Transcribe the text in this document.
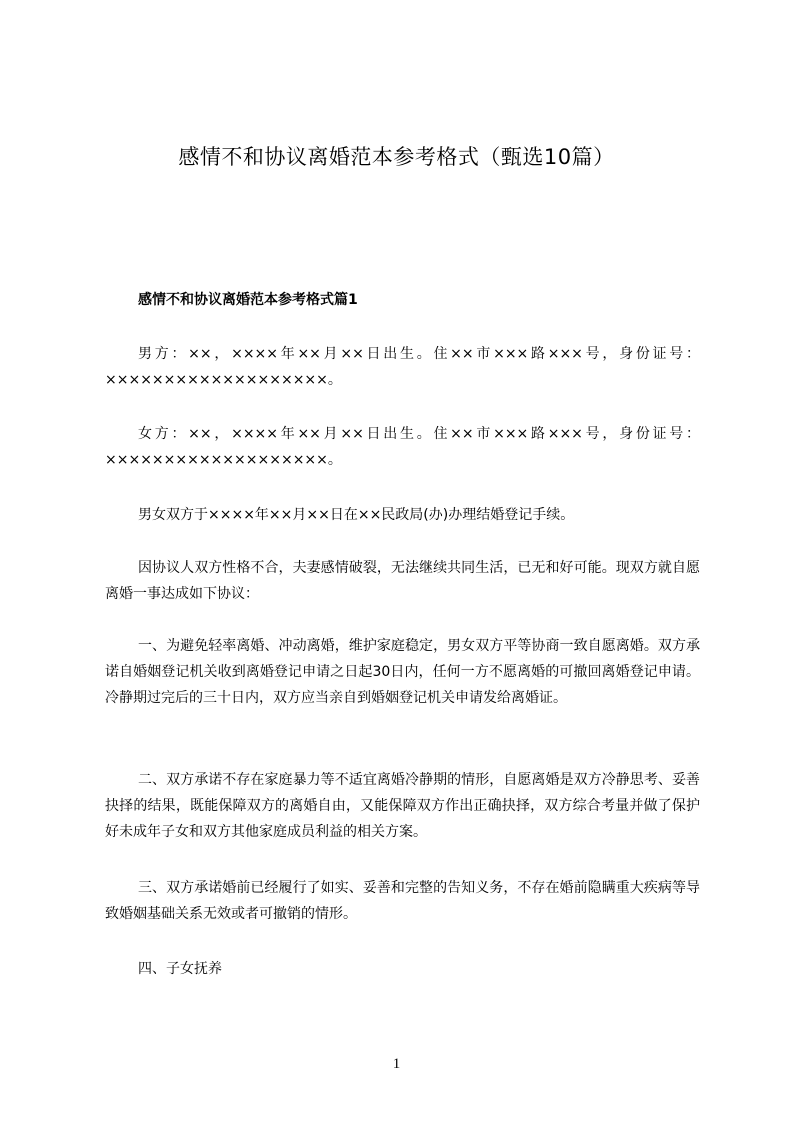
感情不和协议离婚范本参考格式（甄选10篇）
感情不和协议离婚范本参考格式篇1

男方：××，××××年××月××日出生。住××市×××路×××号，身份证号：×××××××××××××××××××。

女方：××，××××年××月××日出生。住××市×××路×××号，身份证号：×××××××××××××××××××。

男女双方于××××年××月××日在××民政局(办)办理结婚登记手续。

因协议人双方性格不合，夫妻感情破裂，无法继续共同生活，已无和好可能。现双方就自愿离婚一事达成如下协议：

一、为避免轻率离婚、冲动离婚，维护家庭稳定，男女双方平等协商一致自愿离婚。双方承诺自婚姻登记机关收到离婚登记申请之日起30日内，任何一方不愿离婚的可撤回离婚登记申请。冷静期过完后的三十日内，双方应当亲自到婚姻登记机关申请发给离婚证。

二、双方承诺不存在家庭暴力等不适宜离婚冷静期的情形，自愿离婚是双方冷静思考、妥善抉择的结果，既能保障双方的离婚自由，又能保障双方作出正确抉择，双方综合考量并做了保护好未成年子女和双方其他家庭成员利益的相关方案。

三、双方承诺婚前已经履行了如实、妥善和完整的告知义务，不存在婚前隐瞒重大疾病等导致婚姻基础关系无效或者可撤销的情形。

四、子女抚养

1
